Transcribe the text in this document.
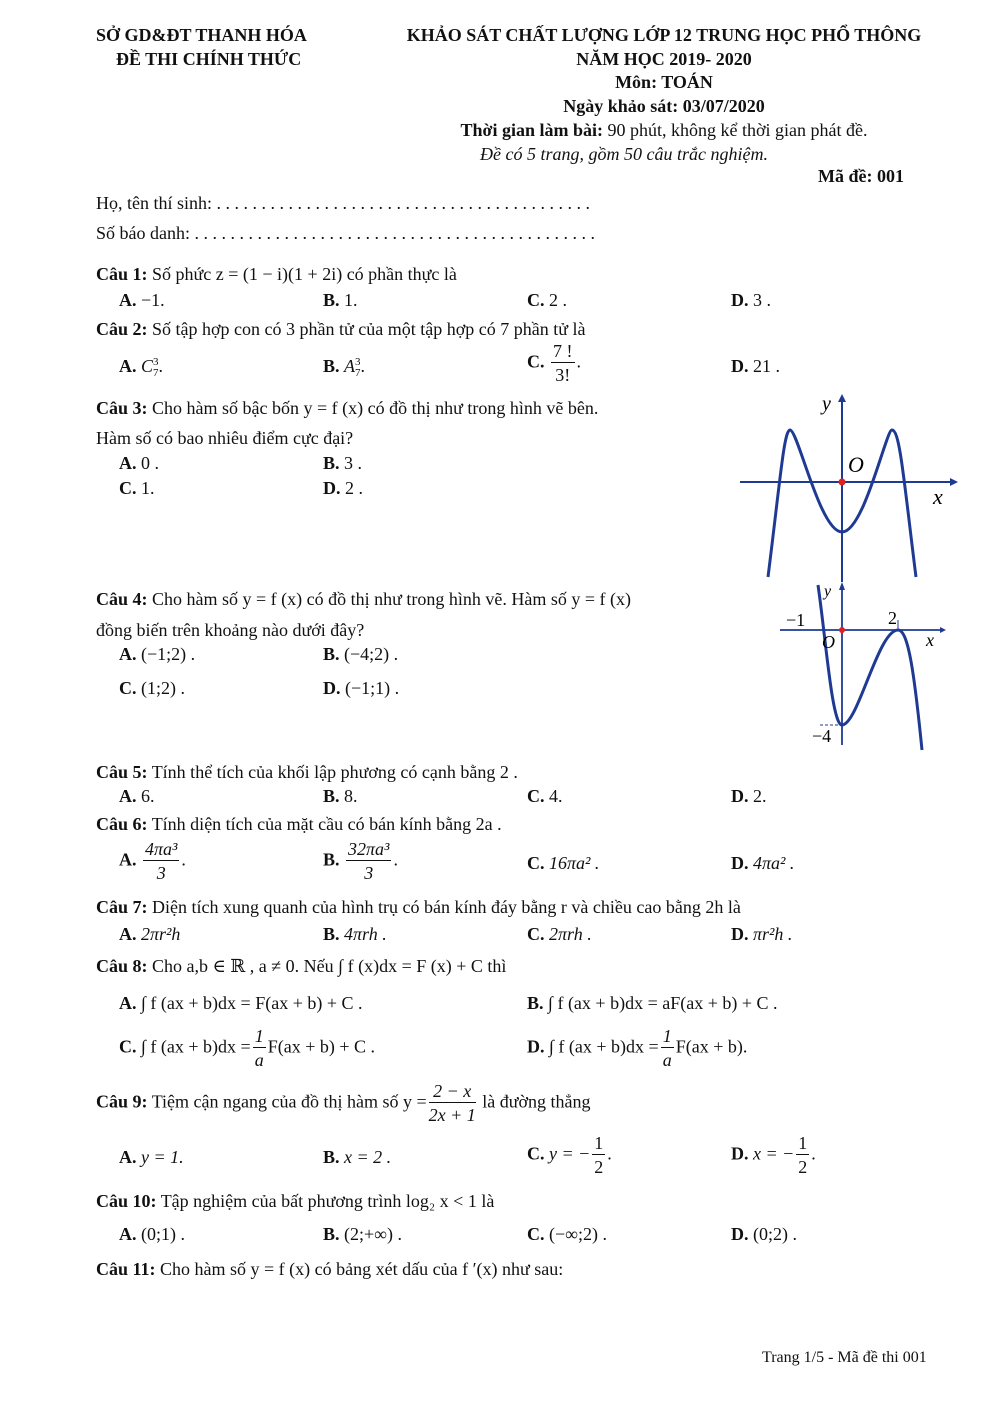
SỞ GD&ĐT THANH HÓA
ĐỀ THI CHÍNH THỨC
KHẢO SÁT CHẤT LƯỢNG LỚP 12 TRUNG HỌC PHỔ THÔNG
NĂM HỌC 2019- 2020
Môn: TOÁN
Ngày khảo sát: 03/07/2020
Thời gian làm bài: 90 phút, không kể thời gian phát đề.
Đề có 5 trang, gồm 50 câu trắc nghiệm.
Mã đề: 001
Họ, tên thí sinh: . . . . . . . . . . . . . . . . . . . . . . . . . . . . . . . . . . . . . . . . . .
Số báo danh: . . . . . . . . . . . . . . . . . . . . . . . . . . . . . . . . . . . . . . . . . . . . .
Câu 1: Số phức z = (1 − i)(1 + 2i) có phần thực là
A. −1.	B. 1.	C. 2 .	D. 3 .
Câu 2: Số tập hợp con có 3 phần tử của một tập hợp có 7 phần tử là
A. C 3
7 .	B. A 3
7 .	C. $\frac{7 !}{3!}$ .	D. 21 .
Câu 3: Cho hàm số bậc bốn y = f (x) có đồ thị như trong hình vẽ bên.
Hàm số có bao nhiêu điểm cực đại?
A. 0 .	B. 3 .
C. 1.	D. 2 .
y
x
O
Câu 4: Cho hàm số y = f (x) có đồ thị như trong hình vẽ. Hàm số y = f (x)
đồng biến trên khoảng nào dưới đây?
A. (−1;2) .	B. (−4;2) .
C. (1;2) .	D. (−1;1) .
y
x
O
−1	2
−4
Câu 5: Tính thể tích của khối lập phương có cạnh bằng 2 .
A. 6.	B. 8.	C. 4.	D. 2.
Câu 6: Tính diện tích của mặt cầu có bán kính bằng 2a .
A. $\frac{\text{4πa³}}{3}$ .	B. $\frac{\text{32πa³}}{3}$ .	C. 16πa² .	D. 4πa² .
Câu 7: Diện tích xung quanh của hình trụ có bán kính đáy bằng r và chiều cao bằng 2h là
A. 2πr²h	B. 4πrh .	C. 2πrh .	D. πr²h .
Câu 8: Cho a,b ∈ ℝ , a ≠ 0. Nếu ∫ f (x)dx = F (x) + C thì
A. ∫ f (ax + b)dx = F(ax + b) + C .	B. ∫ f (ax + b)dx = aF(ax + b) + C .
C. ∫ f $(ax + b)dx = \frac{1}{a} F(ax + b) + C$ .	D. ∫ f $(ax + b)dx = \frac{1}{a} F(ax + b)$.
Câu 9: Tiệm cận ngang của đồ thị hàm số $y = \frac{2 - x}{2x + 1}$ là đường thẳng
A. y = 1.	B. x = 2 .	C. y = − $\frac{1}{2}$ .	D. x = − $\frac{1}{2}$ .
Câu 10: Tập nghiệm của bất phương trình log₂ x < 1 là
A. (0;1) .	B. (2;+∞) .	C. (−∞;2) .	D. (0;2) .
Câu 11: Cho hàm số y = f (x) có bảng xét dấu của f ′(x) như sau:
Trang 1/5 - Mã đề thi 001
